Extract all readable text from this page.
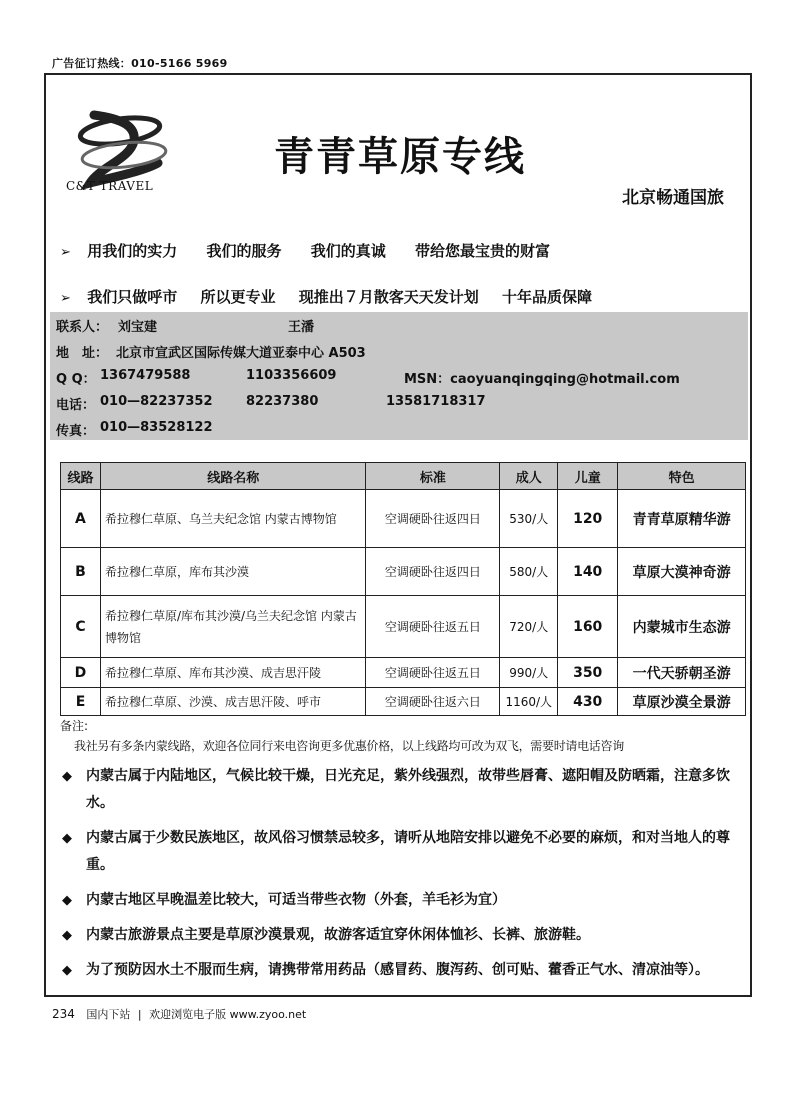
广告征订热线：010-5166 5969
C&T TRAVEL
青青草原专线
北京畅通国旅
➢ 用我们的实力 我们的服务 我们的真诚 带给您最宝贵的财富
➢ 我们只做呼市 所以更专业 现推出７月散客天天发计划 十年品质保障
联系人： 刘宝建	王潘
地　址： 北京市宣武区国际传媒大道亚泰中心 A503
Q Q： 1367479588	1103356609	MSN：caoyuanqingqing@hotmail.com
电话： 010—82237352	82237380	13581718317
传真： 010—83528122
线路	线路名称	标准	成人	儿童	特色
A	希拉穆仁草原、乌兰夫纪念馆 内蒙古博物馆	空调硬卧往返四日	530/人	120	青青草原精华游
B	希拉穆仁草原，库布其沙漠	空调硬卧往返四日	580/人	140	草原大漠神奇游
C	希拉穆仁草原/库布其沙漠/乌兰夫纪念馆 内蒙古博物馆	空调硬卧往返五日	720/人	160	内蒙城市生态游
D	希拉穆仁草原、库布其沙漠、成吉思汗陵	空调硬卧往返五日	990/人	350	一代天骄朝圣游
E	希拉穆仁草原、沙漠、成吉思汗陵、呼市	空调硬卧往返六日	1160/人	430	草原沙漠全景游
备注:
我社另有多条内蒙线路，欢迎各位同行来电咨询更多优惠价格，以上线路均可改为双飞，需要时请电话咨询
◆ 内蒙古属于内陆地区，气候比较干燥，日光充足，紫外线强烈，故带些唇膏、遮阳帽及防晒霜，注意多饮水。
◆ 内蒙古属于少数民族地区，故风俗习惯禁忌较多，请听从地陪安排以避免不必要的麻烦，和对当地人的尊重。
◆ 内蒙古地区早晚温差比较大，可适当带些衣物（外套，羊毛衫为宜）
◆ 内蒙古旅游景点主要是草原沙漠景观，故游客适宜穿休闲体恤衫、长裤、旅游鞋。
◆ 为了预防因水土不服而生病，请携带常用药品（感冒药、腹泻药、创可贴、藿香正气水、清凉油等）。
234 国内下站 | 欢迎浏览电子版 www.zyoo.net
